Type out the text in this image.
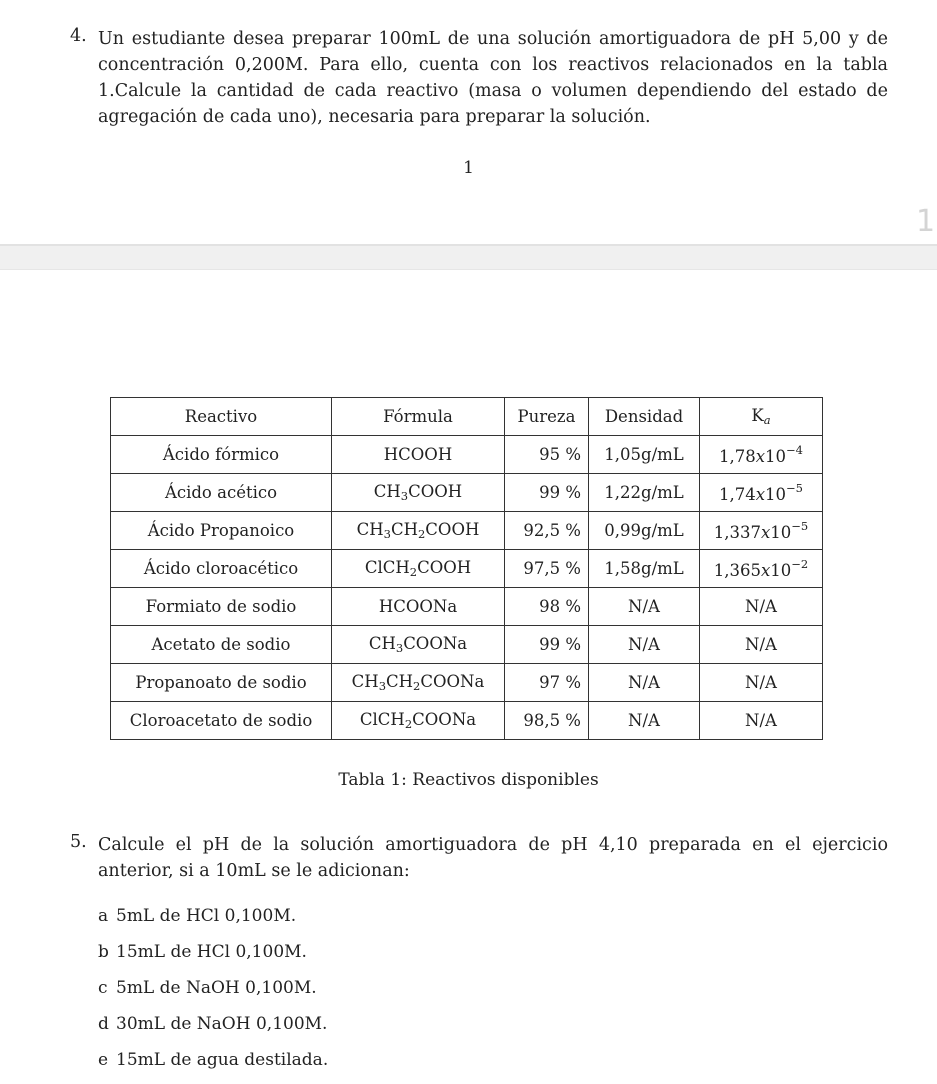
1
4. Un estudiante desea preparar 100mL de una solución amortiguadora de pH 5,00 y de concentración 0,200M. Para ello, cuenta con los reactivos relacionados en la tabla 1.Calcule la cantidad de cada reactivo (masa o volumen dependiendo del estado de agregación de cada uno), necesaria para preparar la solución.
1
Reactivo	Fórmula	Pureza	Densidad	$K_a$
Ácido fórmico	HCOOH	95 %	1,05g/mL	$1,78x10^{-4}$
Ácido acético	$CH_3COOH$	99 %	1,22g/mL	$1,74x10^{-5}$
Ácido Propanoico	$CH_3CH_2COOH$	92,5 %	0,99g/mL	$1,337x10^{-5}$
Ácido cloroacético	ClCH$_2$COOH	97,5 %	1,58g/mL	$1,365x10^{-2}$
Formiato de sodio	HCOONa	98 %	N/A	N/A
Acetato de sodio	$CH_3COONa$	99 %	N/A	N/A
Propanoato de sodio	$CH_3CH_2COONa$	97 %	N/A	N/A
Cloroacetato de sodio	ClCH$_2$COONa	98,5 %	N/A	N/A
Tabla 1: Reactivos disponibles
5. Calcule el pH de la solución amortiguadora de pH 4,10 preparada en el ejercicio anterior, si a 10mL se le adicionan:
a 5mL de HCl 0,100M.
b 15mL de HCl 0,100M.
c 5mL de NaOH 0,100M.
d 30mL de NaOH 0,100M.
e 15mL de agua destilada.
